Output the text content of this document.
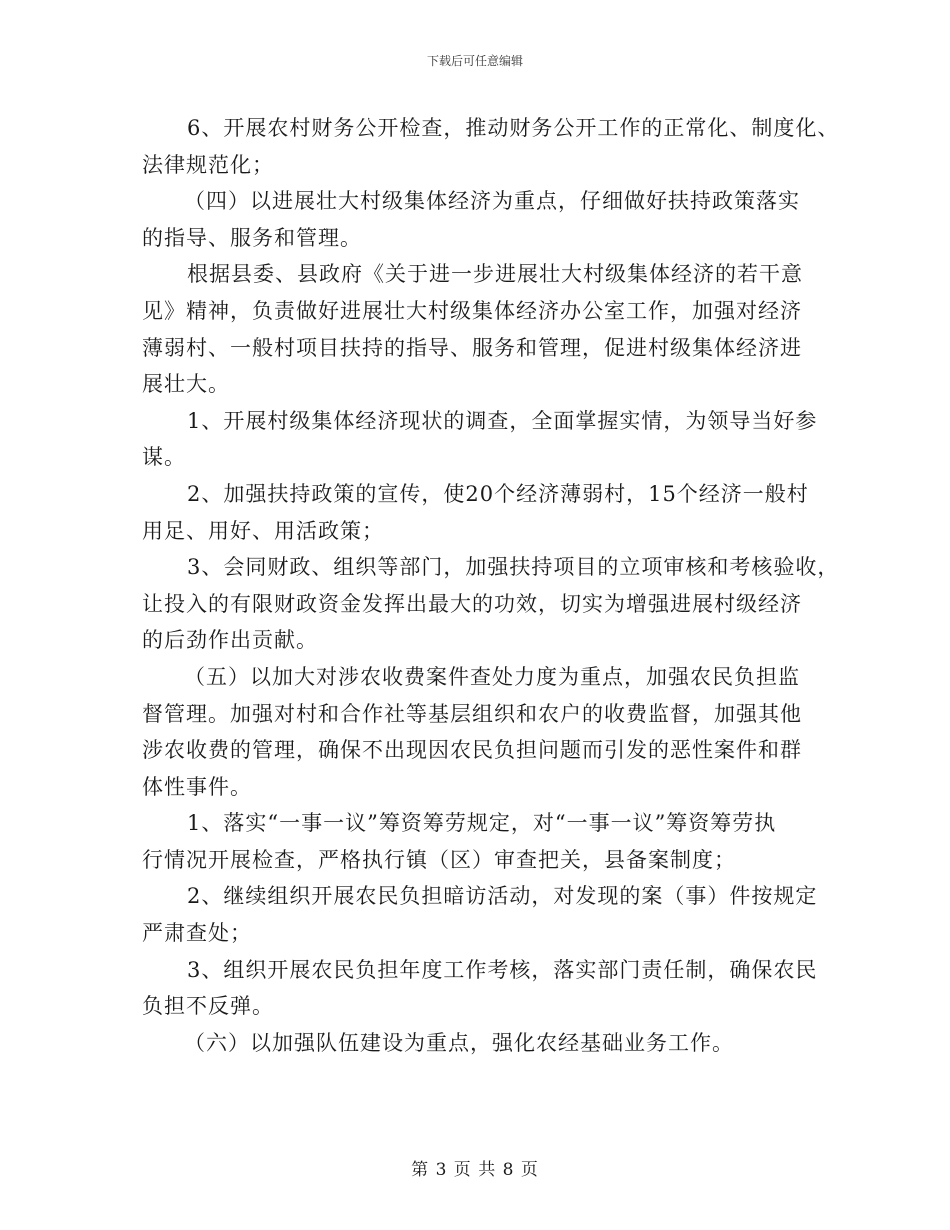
下载后可任意编辑
6、开展农村财务公开检查，推动财务公开工作的正常化、制度化、
法律规范化；
（四）以进展壮大村级集体经济为重点，仔细做好扶持政策落实
的指导、服务和管理。
根据县委、县政府《关于进一步进展壮大村级集体经济的若干意
见》精神，负责做好进展壮大村级集体经济办公室工作，加强对经济
薄弱村、一般村项目扶持的指导、服务和管理，促进村级集体经济进
展壮大。
1、开展村级集体经济现状的调查，全面掌握实情，为领导当好参
谋。
2、加强扶持政策的宣传，使20个经济薄弱村，15个经济一般村
用足、用好、用活政策；
3、会同财政、组织等部门，加强扶持项目的立项审核和考核验收，
让投入的有限财政资金发挥出最大的功效，切实为增强进展村级经济
的后劲作出贡献。
（五）以加大对涉农收费案件查处力度为重点，加强农民负担监
督管理。加强对村和合作社等基层组织和农户的收费监督，加强其他
涉农收费的管理，确保不出现因农民负担问题而引发的恶性案件和群
体性事件。
1、落实“一事一议”筹资筹劳规定，对“一事一议”筹资筹劳执
行情况开展检查，严格执行镇（区）审查把关，县备案制度；
2、继续组织开展农民负担暗访活动，对发现的案（事）件按规定
严肃查处；
3、组织开展农民负担年度工作考核，落实部门责任制，确保农民
负担不反弹。
（六）以加强队伍建设为重点，强化农经基础业务工作。
第 3 页 共 8 页
